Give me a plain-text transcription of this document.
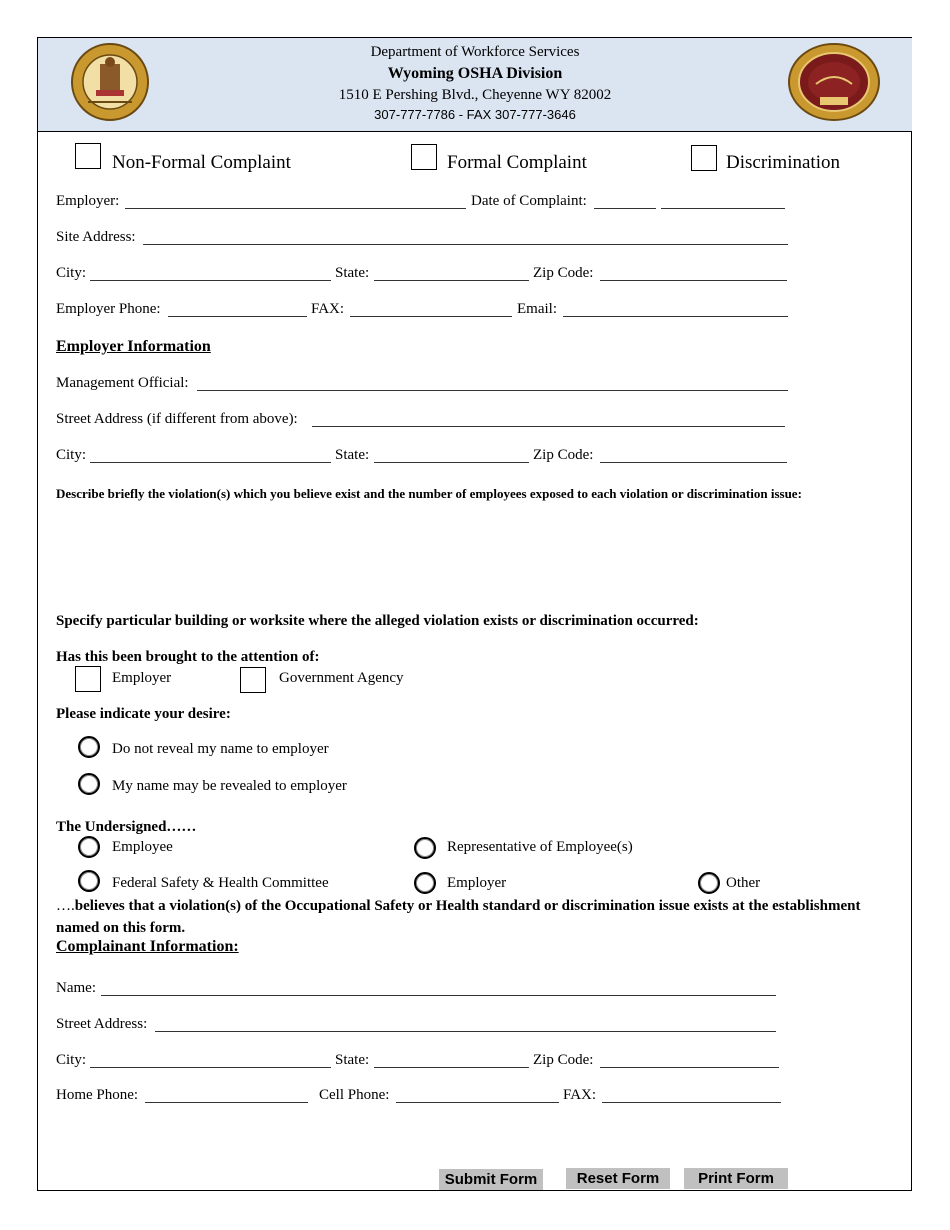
Department of Workforce Services
Wyoming OSHA Division
1510 E Pershing Blvd., Cheyenne WY 82002
307-777-7786 - FAX 307-777-3646
Non-Formal Complaint	Formal Complaint	Discrimination
Employer:	Date of Complaint:
Site Address:
City:	State:	Zip Code:
Employer Phone:	FAX:	Email:
Employer Information
Management Official:
Street Address (if different from above):
City:	State:	Zip Code:
Describe briefly the violation(s) which you believe exist and the number of employees exposed to each violation or discrimination issue:
Specify particular building or worksite where the alleged violation exists or discrimination occurred:
Has this been brought to the attention of:
Employer	Government Agency
Please indicate your desire:
Do not reveal my name to employer
My name may be revealed to employer
The Undersigned……
Employee	Representative of Employee(s)
Federal Safety & Health Committee	Employer	Other
….believes that a violation(s) of the Occupational Safety or Health standard or discrimination issue exists at the establishment named on this form.
Complainant Information:
Name:
Street Address:
City:	State:	Zip Code:
Home Phone:	Cell Phone:	FAX:
Submit Form	Reset Form	Print Form
